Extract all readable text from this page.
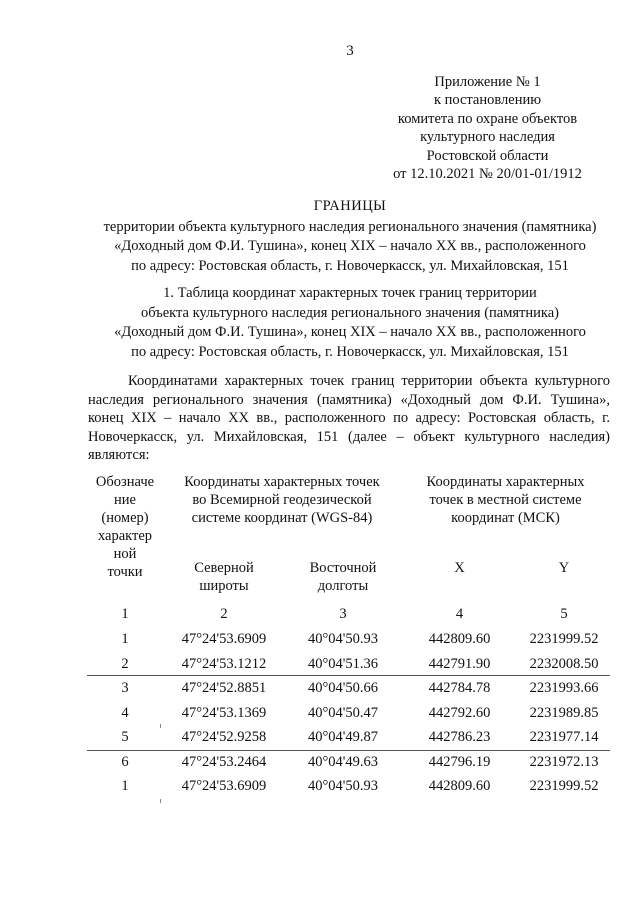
3
Приложение № 1
к постановлению
комитета по охране объектов
культурного наследия
Ростовской области
от 12.10.2021 № 20/01-01/1912
ГРАНИЦЫ
территории объекта культурного наследия регионального значения (памятника)
«Доходный дом Ф.И. Тушина», конец XIX – начало XX вв., расположенного
по адресу: Ростовская область, г. Новочеркасск, ул. Михайловская, 151
1. Таблица координат характерных точек границ территории
объекта культурного наследия регионального значения (памятника)
«Доходный дом Ф.И. Тушина», конец XIX – начало XX вв., расположенного
по адресу: Ростовская область, г. Новочеркасск, ул. Михайловская, 151
Координатами характерных точек границ территории объекта культурного наследия регионального значения (памятника) «Доходный дом Ф.И. Тушина», конец XIX – начало XX вв., расположенного по адресу: Ростовская область, г. Новочеркасск, ул. Михайловская, 151 (далее – объект культурного наследия) являются:
Обозначе ние (номер) характер ной точки	Координаты характерных точек во Всемирной геодезической системе координат (WGS-84)		Координаты характерных точек в местной системе координат (МСК)	

	Северной широты	Восточной долготы	X	Y
1	2	3	4	5
1	47°24'53.6909	40°04'50.93	442809.60	2231999.52
2	47°24'53.1212	40°04'51.36	442791.90	2232008.50
3	47°24'52.8851	40°04'50.66	442784.78	2231993.66
4	47°24'53.1369	40°04'50.47	442792.60	2231989.85
5	47°24'52.9258	40°04'49.87	442786.23	2231977.14
6	47°24'53.2464	40°04'49.63	442796.19	2231972.13
1	47°24'53.6909	40°04'50.93	442809.60	2231999.52
